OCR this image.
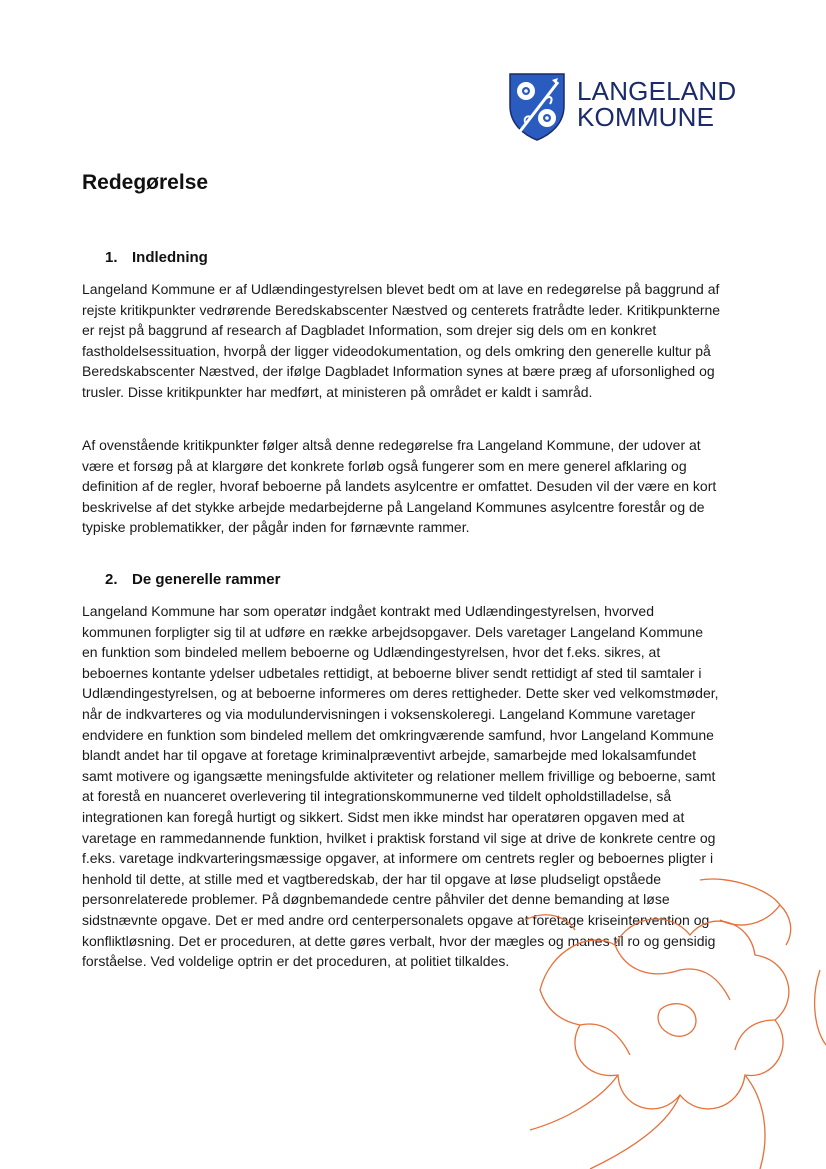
LANGELAND
KOMMUNE
Redegørelse
1. Indledning

Langeland Kommune er af Udlændingestyrelsen blevet bedt om at lave en redegørelse på baggrund af rejste kritikpunkter vedrørende Beredskabscenter Næstved og centerets fratrådte leder. Kritikpunkterne er rejst på baggrund af research af Dagbladet Information, som drejer sig dels om en konkret fastholdelsessituation, hvorpå der ligger videodokumentation, og dels omkring den generelle kultur på Beredskabscenter Næstved, der ifølge Dagbladet Information synes at bære præg af uforsonlighed og trusler. Disse kritikpunkter har medført, at ministeren på området er kaldt i samråd.

Af ovenstående kritikpunkter følger altså denne redegørelse fra Langeland Kommune, der udover at være et forsøg på at klargøre det konkrete forløb også fungerer som en mere generel afklaring og definition af de regler, hvoraf beboerne på landets asylcentre er omfattet. Desuden vil der være en kort beskrivelse af det stykke arbejde medarbejderne på Langeland Kommunes asylcentre forestår og de typiske problematikker, der pågår inden for førnævnte rammer.

2. De generelle rammer

Langeland Kommune har som operatør indgået kontrakt med Udlændingestyrelsen, hvorved kommunen forpligter sig til at udføre en række arbejdsopgaver. Dels varetager Langeland Kommune en funktion som bindeled mellem beboerne og Udlændingestyrelsen, hvor det f.eks. sikres, at beboernes kontante ydelser udbetales rettidigt, at beboerne bliver sendt rettidigt af sted til samtaler i Udlændingestyrelsen, og at beboerne informeres om deres rettigheder. Dette sker ved velkomstmøder, når de indkvarteres og via modulundervisningen i voksenskoleregi. Langeland Kommune varetager endvidere en funktion som bindeled mellem det omkringværende samfund, hvor Langeland Kommune blandt andet har til opgave at foretage kriminalpræventivt arbejde, samarbejde med lokalsamfundet samt motivere og igangsætte meningsfulde aktiviteter og relationer mellem frivillige og beboerne, samt at forestå en nuanceret overlevering til integrationskommunerne ved tildelt opholdstilladelse, så integrationen kan foregå hurtigt og sikkert. Sidst men ikke mindst har operatøren opgaven med at varetage en rammedannende funktion, hvilket i praktisk forstand vil sige at drive de konkrete centre og f.eks. varetage indkvarteringsmæssige opgaver, at informere om centrets regler og beboernes pligter i henhold til dette, at stille med et vagtberedskab, der har til opgave at løse pludseligt opståede personrelaterede problemer. På døgnbemandede centre påhviler det denne bemanding at løse sidstnævnte opgave. Det er med andre ord centerpersonalets opgave at foretage kriseintervention og konfliktløsning. Det er proceduren, at dette gøres verbalt, hvor der mægles og manes til ro og gensidig forståelse. Ved voldelige optrin er det proceduren, at politiet tilkaldes.
